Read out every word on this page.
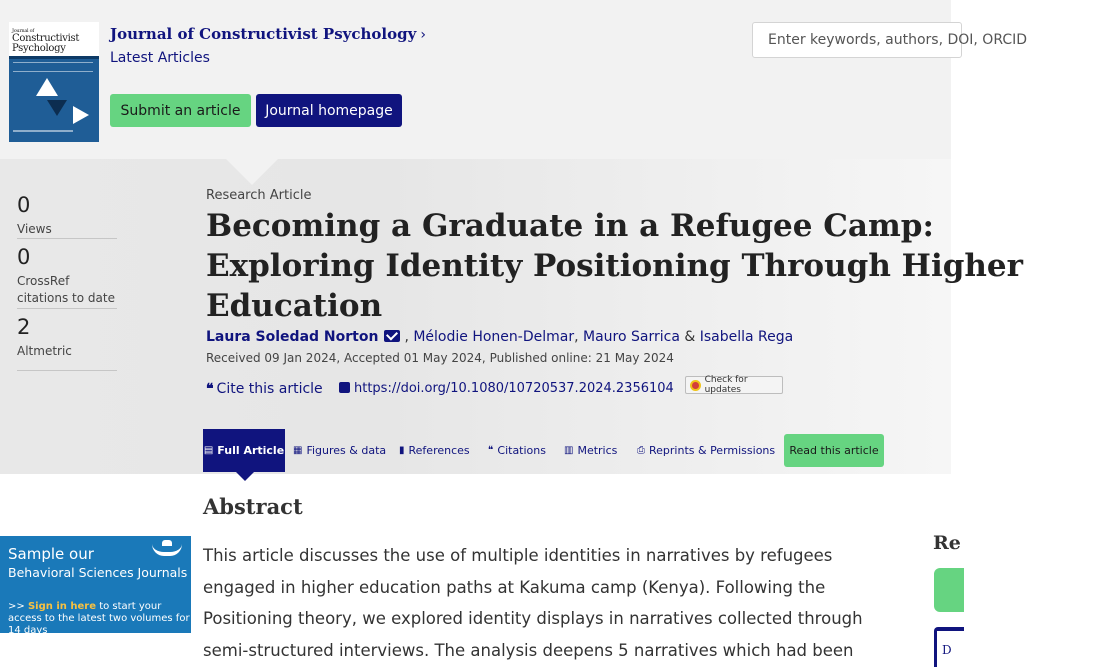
Journal of
Constructivist
Psychology
Journal of Constructivist Psychology ›
Latest Articles
Submit an article	Journal homepage
Enter keywords, authors, DOI, ORCID
0
Views
0
CrossRef citations to date
2
Altmetric
Research Article
Becoming a Graduate in a Refugee Camp:
Exploring Identity Positioning Through Higher
Education
Laura Soledad Norton , Mélodie Honen-Delmar, Mauro Sarrica & Isabella Rega
Received 09 Jan 2024, Accepted 01 May 2024, Published online: 21 May 2024
❝ Cite this article	https://doi.org/10.1080/10720537.2024.2356104
Check for updates
▤ Full Article ▦ Figures & data ▮ References ❝ Citations ▥ Metrics ⎙ Reprints & Permissions	Read this article
Abstract
This article discusses the use of multiple identities in narratives by refugees engaged in higher education paths at Kakuma camp (Kenya). Following the Positioning theory, we explored identity displays in narratives collected through semi-structured interviews. The analysis deepens 5 narratives which had been
Sample our
Behavioral Sciences Journals
>> Sign in here to start your access to the latest two volumes for 14 days
Re
D
